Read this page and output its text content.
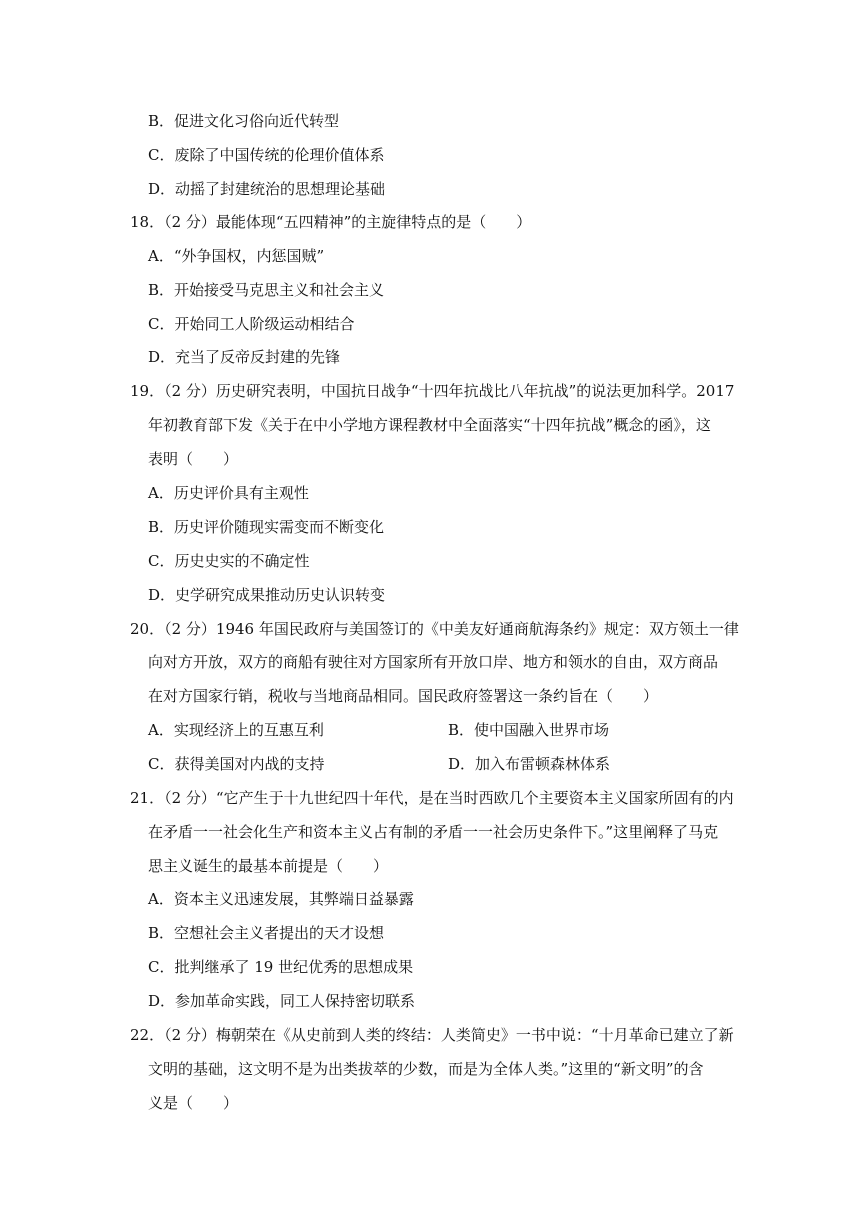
B．促进文化习俗向近代转型
C．废除了中国传统的伦理价值体系
D．动摇了封建统治的思想理论基础
18．（2 分）最能体现“五四精神”的主旋律特点的是（　　）
A．“外争国权，内惩国贼”
B．开始接受马克思主义和社会主义
C．开始同工人阶级运动相结合
D．充当了反帝反封建的先锋
19．（2 分）历史研究表明，中国抗日战争“十四年抗战比八年抗战”的说法更加科学。2017
年初教育部下发《关于在中小学地方课程教材中全面落实“十四年抗战”概念的函》，这
表明（　　）
A．历史评价具有主观性
B．历史评价随现实需变而不断变化
C．历史史实的不确定性
D．史学研究成果推动历史认识转变
20．（2 分）1946 年国民政府与美国签订的《中美友好通商航海条约》规定：双方领土一律
向对方开放，双方的商船有驶往对方国家所有开放口岸、地方和领水的自由，双方商品
在对方国家行销，税收与当地商品相同。国民政府签署这一条约旨在（　　）
A．实现经济上的互惠互利	B．使中国融入世界市场
C．获得美国对内战的支持	D．加入布雷顿森林体系
21．（2 分）“它产生于十九世纪四十年代，是在当时西欧几个主要资本主义国家所固有的内
在矛盾一一社会化生产和资本主义占有制的矛盾一一社会历史条件下。”这里阐释了马克
思主义诞生的最基本前提是（　　）
A．资本主义迅速发展，其弊端日益暴露
B．空想社会主义者提出的天才设想
C．批判继承了 19 世纪优秀的思想成果
D．参加革命实践，同工人保持密切联系
22．（2 分）梅朝荣在《从史前到人类的终结：人类简史》一书中说：“十月革命已建立了新
文明的基础，这文明不是为出类拔萃的少数，而是为全体人类。”这里的“新文明”的含
义是（　　）
